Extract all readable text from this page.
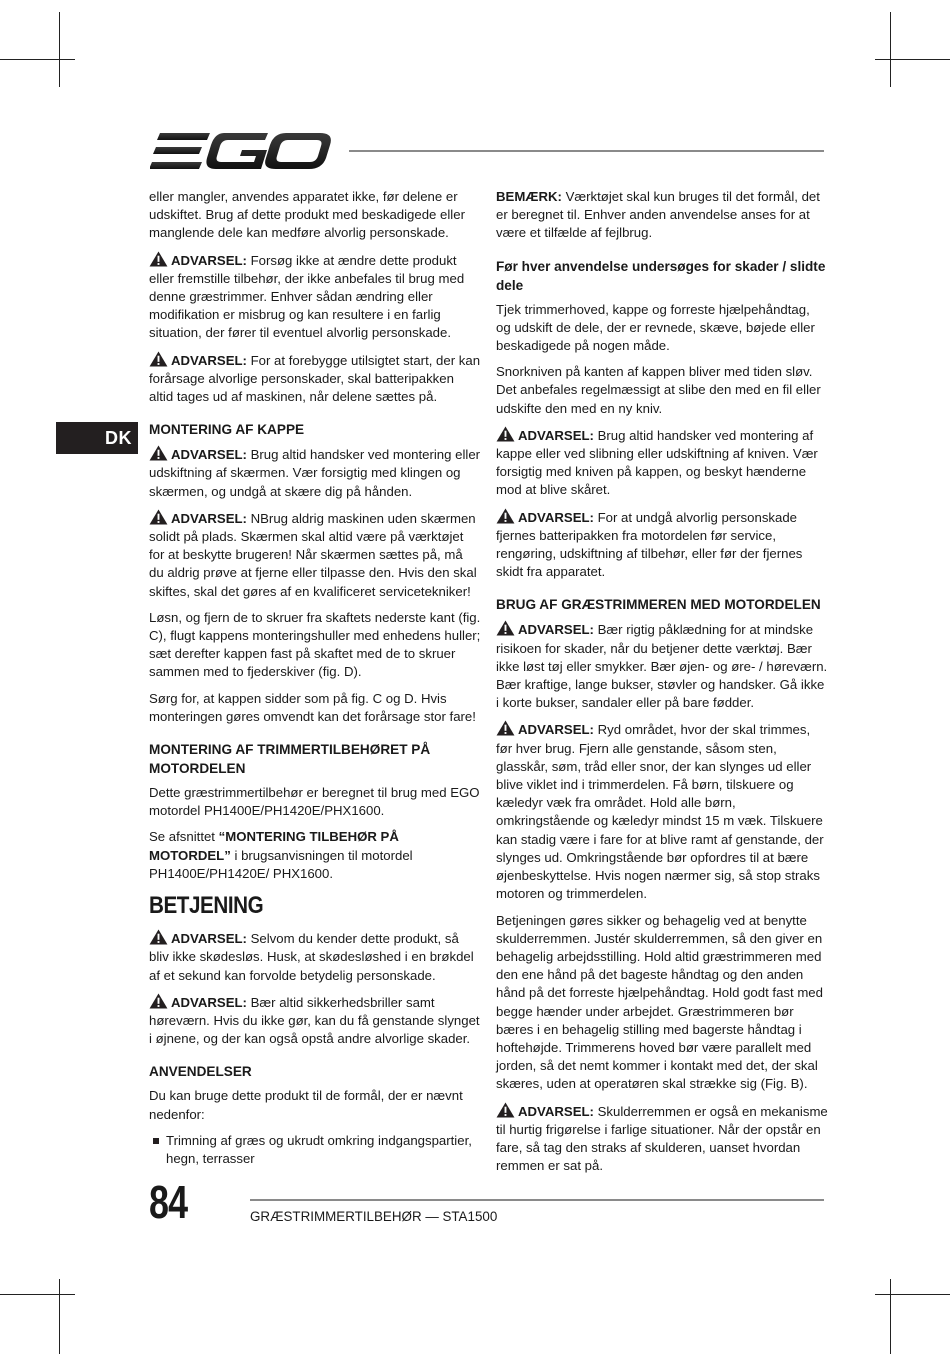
DK

eller mangler, anvendes apparatet ikke, før delene er udskiftet. Brug af dette produkt med beskadigede eller manglende dele kan medføre alvorlig personskade.

ADVARSEL: Forsøg ikke at ændre dette produkt eller fremstille tilbehør, der ikke anbefales til brug med denne græstrimmer. Enhver sådan ændring eller modifikation er misbrug og kan resultere i en farlig situation, der fører til eventuel alvorlig personskade.

ADVARSEL: For at forebygge utilsigtet start, der kan forårsage alvorlige personskader, skal batteripakken altid tages ud af maskinen, når delene sættes på.

MONTERING AF KAPPE

ADVARSEL: Brug altid handsker ved montering eller udskiftning af skærmen. Vær forsigtig med klingen og skærmen, og undgå at skære dig på hånden.

ADVARSEL: NBrug aldrig maskinen uden skærmen solidt på plads. Skærmen skal altid være på værktøjet for at beskytte brugeren! Når skærmen sættes på, må du aldrig prøve at fjerne eller tilpasse den. Hvis den skal skiftes, skal det gøres af en kvalificeret servicetekniker!

Løsn, og fjern de to skruer fra skaftets nederste kant (fig. C), flugt kappens monteringshuller med enhedens huller; sæt derefter kappen fast på skaftet med de to skruer sammen med to fjederskiver (fig. D).

Sørg for, at kappen sidder som på fig. C og D. Hvis monteringen gøres omvendt kan det forårsage stor fare!

MONTERING AF TRIMMERTILBEHØRET PÅ MOTORDELEN

Dette græstrimmertilbehør er beregnet til brug med EGO motordel PH1400E/PH1420E/PHX1600.

Se afsnittet “MONTERING TILBEHØR PÅ MOTORDEL” i brugsanvisningen til motordel PH1400E/PH1420E/ PHX1600.

BETJENING

ADVARSEL: Selvom du kender dette produkt, så bliv ikke skødesløs. Husk, at skødesløshed i en brøkdel af et sekund kan forvolde betydelig personskade.

ADVARSEL: Bær altid sikkerhedsbriller samt høreværn. Hvis du ikke gør, kan du få genstande slynget i øjnene, og der kan også opstå andre alvorlige skader.

ANVENDELSER

Du kan bruge dette produkt til de formål, der er nævnt nedenfor:

Trimning af græs og ukrudt omkring indgangspartier, hegn, terrasser

BEMÆRK: Værktøjet skal kun bruges til det formål, det er beregnet til. Enhver anden anvendelse anses for at være et tilfælde af fejlbrug.

Før hver anvendelse undersøges for skader / slidte dele

Tjek trimmerhoved, kappe og forreste hjælpehåndtag, og udskift de dele, der er revnede, skæve, bøjede eller beskadigede på nogen måde.

Snorkniven på kanten af kappen bliver med tiden sløv. Det anbefales regelmæssigt at slibe den med en fil eller udskifte den med en ny kniv.

ADVARSEL: Brug altid handsker ved montering af kappe eller ved slibning eller udskiftning af kniven. Vær forsigtig med kniven på kappen, og beskyt hænderne mod at blive skåret.

ADVARSEL: For at undgå alvorlig personskade fjernes batteripakken fra motordelen før service, rengøring, udskiftning af tilbehør, eller før der fjernes skidt fra apparatet.

BRUG AF GRÆSTRIMMEREN MED MOTORDELEN

ADVARSEL: Bær rigtig påklædning for at mindske risikoen for skader, når du betjener dette værktøj. Bær ikke løst tøj eller smykker. Bær øjen- og øre- / høreværn. Bær kraftige, lange bukser, støvler og handsker. Gå ikke i korte bukser, sandaler eller på bare fødder.

ADVARSEL: Ryd området, hvor der skal trimmes, før hver brug. Fjern alle genstande, såsom sten, glasskår, søm, tråd eller snor, der kan slynges ud eller blive viklet ind i trimmerdelen. Få børn, tilskuere og kæledyr væk fra området. Hold alle børn, omkringstående og kæledyr mindst 15 m væk. Tilskuere kan stadig være i fare for at blive ramt af genstande, der slynges ud. Omkringstående bør opfordres til at bære øjenbeskyttelse. Hvis nogen nærmer sig, så stop straks motoren og trimmerdelen.

Betjeningen gøres sikker og behagelig ved at benytte skulderremmen. Justér skulderremmen, så den giver en behagelig arbejdsstilling. Hold altid græstrimmeren med den ene hånd på det bageste håndtag og den anden hånd på det forreste hjælpehåndtag. Hold godt fast med begge hænder under arbejdet. Græstrimmeren bør bæres i en behagelig stilling med bagerste håndtag i hoftehøjde. Trimmerens hoved bør være parallelt med jorden, så det nemt kommer i kontakt med det, der skal skæres, uden at operatøren skal strække sig (Fig. B).

ADVARSEL: Skulderremmen er også en mekanisme til hurtig frigørelse i farlige situationer. Når der opstår en fare, så tag den straks af skulderen, uanset hvordan remmen er sat på.

84	GRÆSTRIMMERTILBEHØR — STA1500
